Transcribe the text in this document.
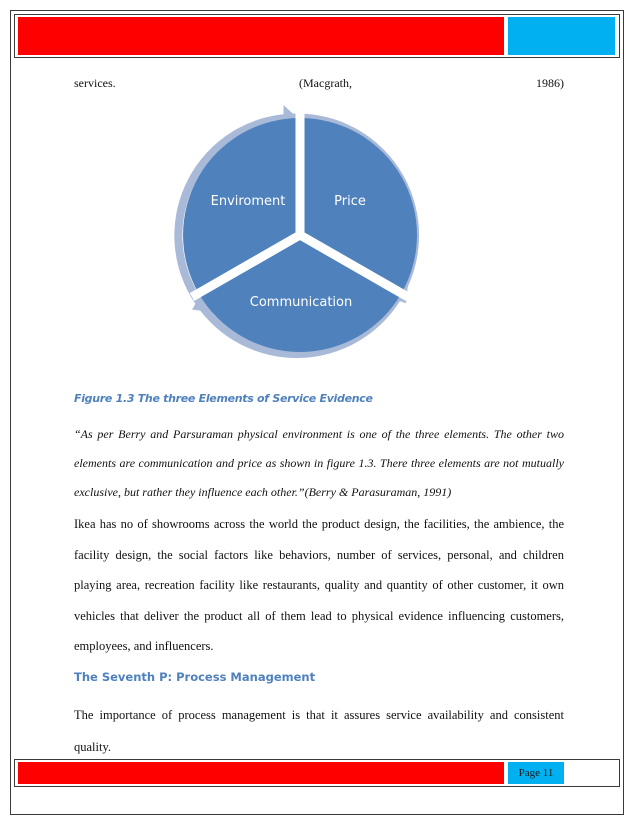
services.	(Macgrath,	1986)
Price
Enviroment
Communication
Figure 1.3 The three Elements of Service Evidence

“As per Berry and Parsuraman physical environment is one of the three elements. The other two elements are communication and price as shown in figure 1.3. There three elements are not mutually exclusive, but rather they influence each other.”(Berry & Parasuraman, 1991)

Ikea has no of showrooms across the world the product design, the facilities, the ambience, the facility design, the social factors like behaviors, number of services, personal, and children playing area, recreation facility like restaurants, quality and quantity of other customer, it own vehicles that deliver the product all of them lead to physical evidence influencing customers, employees, and influencers.

The Seventh P: Process Management

The importance of process management is that it assures service availability and consistent quality.

Page 11
